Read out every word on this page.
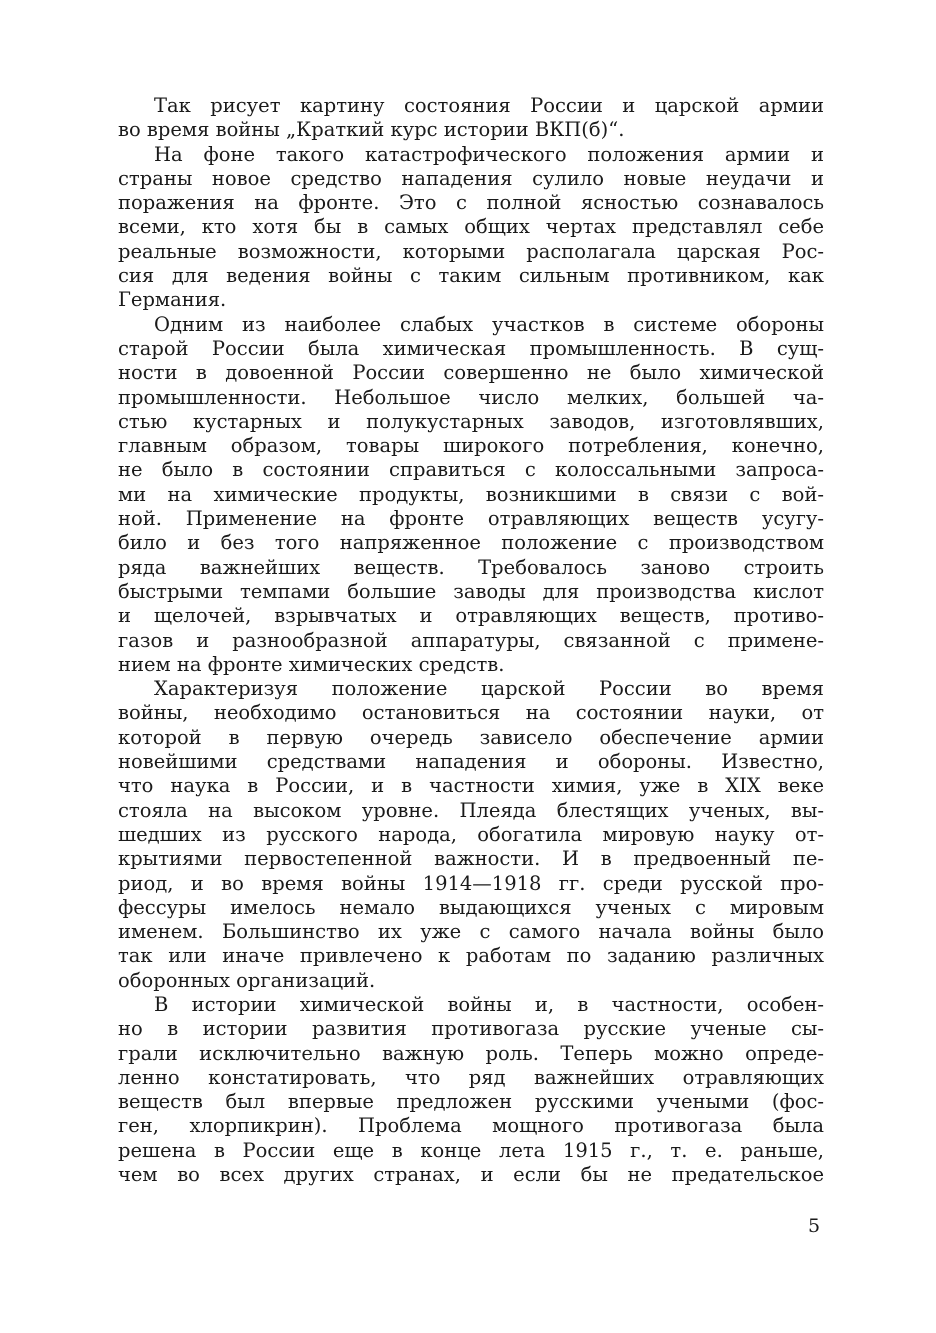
Так рисует картину состояния России и царской армии
во время войны „Краткий курс истории ВКП(б)“.
На фоне такого катастрофического положения армии и
страны новое средство нападения сулило новые неудачи и
поражения на фронте. Это с полной ясностью сознавалось
всеми, кто хотя бы в самых общих чертах представлял себе
реальные возможности, которыми располагала царская Рос-
сия для ведения войны с таким сильным противником, как
Германия.
Одним из наиболее слабых участков в системе обороны
старой России была химическая промышленность. В сущ-
ности в довоенной России совершенно не было химической
промышленности. Небольшое число мелких, большей ча-
стью кустарных и полукустарных заводов, изготовлявших,
главным образом, товары широкого потребления, конечно,
не было в состоянии справиться с колоссальными запроса-
ми на химические продукты, возникшими в связи с вой-
ной. Применение на фронте отравляющих веществ усугу-
било и без того напряженное положение с производством
ряда важнейших веществ. Требовалось заново строить
быстрыми темпами большие заводы для производства кислот
и щелочей, взрывчатых и отравляющих веществ, противо-
газов и разнообразной аппаратуры, связанной с примене-
нием на фронте химических средств.
Характеризуя положение царской России во время
войны, необходимо остановиться на состоянии науки, от
которой в первую очередь зависело обеспечение армии
новейшими средствами нападения и обороны. Известно,
что наука в России, и в частности химия, уже в XIX веке
стояла на высоком уровне. Плеяда блестящих ученых, вы-
шедших из русского народа, обогатила мировую науку от-
крытиями первостепенной важности. И в предвоенный пе-
риод, и во время войны 1914—1918 гг. среди русской про-
фессуры имелось немало выдающихся ученых с мировым
именем. Большинство их уже с самого начала войны было
так или иначе привлечено к работам по заданию различных
оборонных организаций.
В истории химической войны и, в частности, особен-
но в истории развития противогаза русские ученые сы-
грали исключительно важную роль. Теперь можно опреде-
ленно констатировать, что ряд важнейших отравляющих
веществ был впервые предложен русскими учеными (фос-
ген, хлорпикрин). Проблема мощного противогаза была
решена в России еще в конце лета 1915 г., т. е. раньше,
чем во всех других странах, и если бы не предательское
5
